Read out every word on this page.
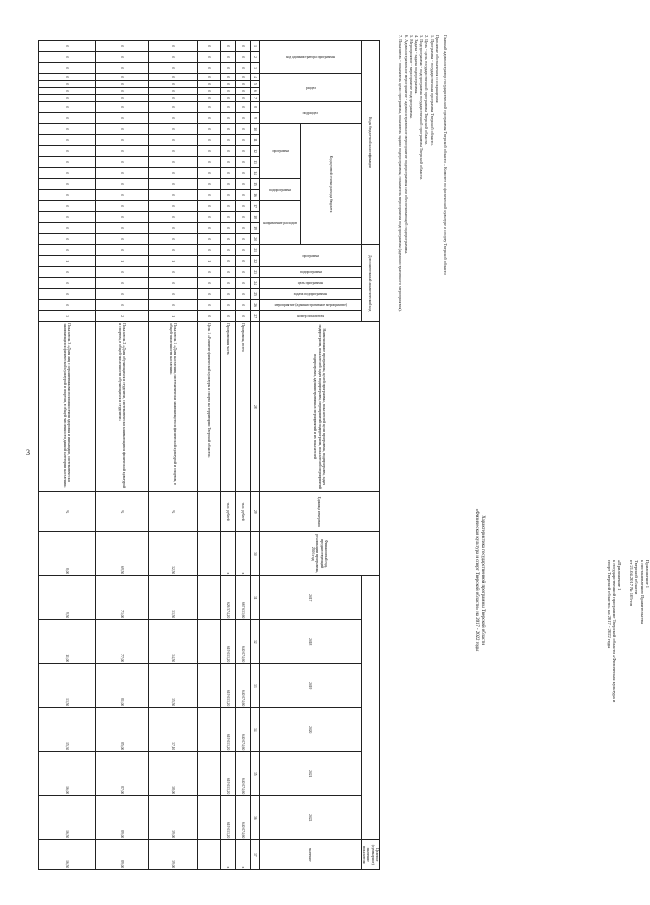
3
Приложение 1
к постановлению Правительства
Тверской области
от 21.04.2017 № 105-пп
«Приложение 1
к государственной программе Тверской области «Физическая культура и
спорт Тверской области» на 2017 - 2022 годы
Характеристика государственной программы Тверской области
«Физическая культура и спорт Тверской области» на 2017 - 2022 годы
Главный администратор государственной программы Тверской области – Комитет по физической культуре и спорту Тверской области
Принятые обозначения и сокращения:
1. Программа - государственная программа Тверской области.
2. Цель - цель государственной программы Тверской области.
3. Подпрограмма - подпрограмма государственной программы Тверской области.
4. Задача - задача подпрограммы.
5. Мероприятие - мероприятие подпрограммы.
6. Административное мероприятие - административное мероприятие подпрограммы или обеспечивающей подпрограммы.
7. Показатель - показатель цели программы, показатель задачи подпрограммы, показатель мероприятия подпрограммы (административного мероприятия).
Коды бюджетной классификации																				Дополнительный аналитический код							Наименование программы, целей программы, показателей цели программы, подпрограмм, задач подпрограмм, показателей задач подпрограмм, мероприятий подпрограмм, показателей мероприятий подпрограмм, административных мероприятий и их показателей	Единица измерения	Финансовый год, предшествующий реализации программы, 2016 год							Целевое (суммарное) значение показателя
код администратора программы			раздел				подраздел		Код целевой статьи расхода бюджета											программа		подпрограмма	цель программы	задача подпрограммы	мероприятие (административное мероприятие)	номер показателя				2017	2018	2019	2020	2021	2022	значение
									программа					подпрограмма		направление расходов																				
1	2	3	4	5	6	7	8	9	10	11	12	13	14	15	16	17	18	19	20	21	22	23	24	25	26	27	28	29	30	31	32	33	34	35	36	37
0	0	0	0	0	0	0	0	0	0	0	0	0	0	0	0	0	0	0	0	0	0	0	0	0	0	0	Программа, всего	тыс. рублей	x	667 633,60	640 074,60	640 074,60	640 074,60	640 074,60	640 074,60	x
0	0	0	0	0	0	0	0	0	0	0	0	0	0	0	0	0	0	0	0	0	0	0	0	0	0	0	Программная часть	тыс. рублей	x	626 574,20	619 013,20	619 013,20	619 013,20	619 013,20	619 013,20	x
0	0	0	0	0	0	0	0	0	0	0	0	0	0	0	0	0	0	0	0	0	1	0	0	0	0	0	Цель 1 «Развитие физической культуры и спорта на территории Тверской области»									
0	0	0	0	0	0	0	0	0	0	0	0	0	0	0	0	0	0	0	0	0	1	0	0	0	0	1	Показатель 1 «Доля населения, систематически занимающегося физической культурой и спортом, в общей численности населения»	%	32,50	33,50	34,50	35,50	37,10	38,00	39,00	39,00
0	0	0	0	0	0	0	0	0	0	0	0	0	0	0	0	0	0	0	0	0	1	0	0	0	0	2	Показатель 2 «Доля обучающихся и студентов, систематически занимающихся физической культурой и спортом, в общей численности обучающихся и студентов»	%	69,50	73,00	77,00	81,00	85,00	87,00	89,00	89,00
0	0	0	0	0	0	0	0	0	0	0	0	0	0	0	0	0	0	0	0	0	1	0	0	0	0	3	Показатель 3 «Доля лиц с ограниченными возможностями здоровья и инвалидов, систематически занимающихся физической культурой и спортом, в общей численности данной категории населения»	%	8,00	9,50	11,00	13,50	15,30	16,00	16,50	16,50
